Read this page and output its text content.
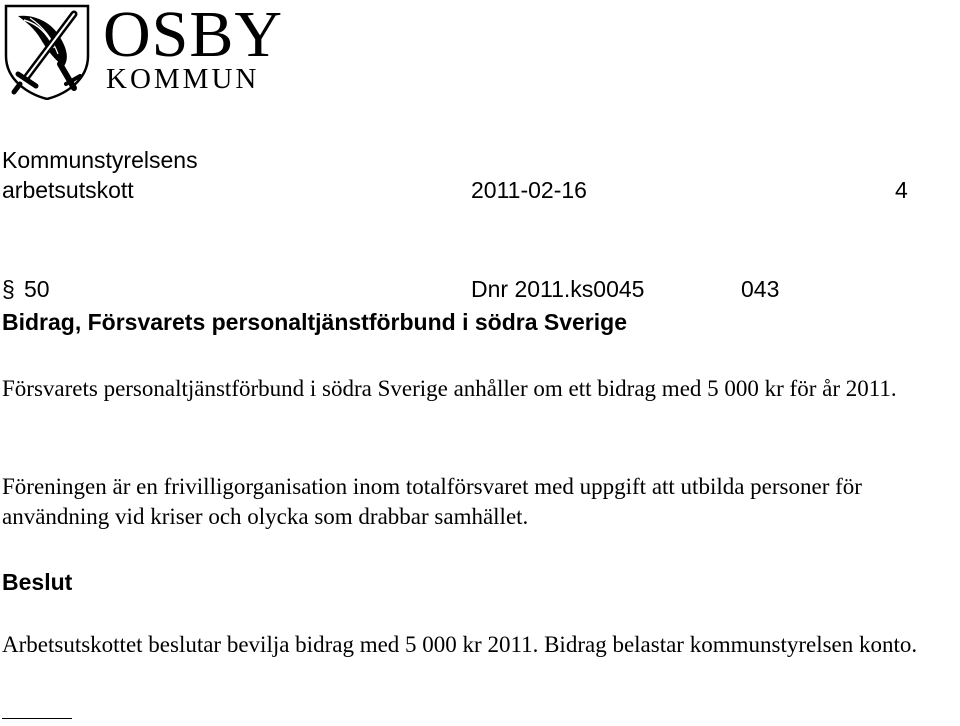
OSBY
KOMMUN
Kommunstyrelsens
arbetsutskott	2011-02-16	4
§ 50	Dnr 2011.ks0045	043
Bidrag, Försvarets personaltjänstförbund i södra Sverige
Försvarets personaltjänstförbund i södra Sverige anhåller om ett bidrag med 5 000 kr för år 2011.
Föreningen är en frivilligorganisation inom totalförsvaret med uppgift att utbilda personer för användning vid kriser och olycka som drabbar samhället.
Beslut
Arbetsutskottet beslutar bevilja bidrag med 5 000 kr 2011. Bidrag belastar kommunstyrelsen konto.
